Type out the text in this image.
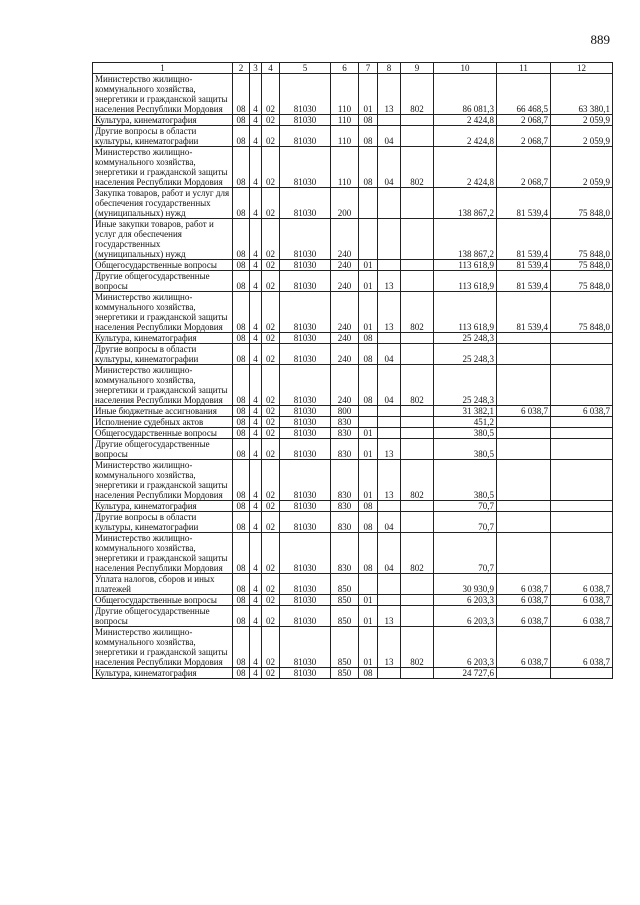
889
1	2	3	4	5	6	7	8	9	10	11	12
Министерство жилищно-коммунального хозяйства, энергетики и гражданской защиты населения Республики Мордовия	08	4	02	81030	110	01	13	802	86 081,3	66 468,5	63 380,1
Культура, кинематография	08	4	02	81030	110	08			2 424,8	2 068,7	2 059,9
Другие вопросы в области культуры, кинематографии	08	4	02	81030	110	08	04		2 424,8	2 068,7	2 059,9
Министерство жилищно-коммунального хозяйства, энергетики и гражданской защиты населения Республики Мордовия	08	4	02	81030	110	08	04	802	2 424,8	2 068,7	2 059,9
Закупка товаров, работ и услуг для обеспечения государственных (муниципальных) нужд	08	4	02	81030	200				138 867,2	81 539,4	75 848,0
Иные закупки товаров, работ и услуг для обеспечения государственных (муниципальных) нужд	08	4	02	81030	240				138 867,2	81 539,4	75 848,0
Общегосударственные вопросы	08	4	02	81030	240	01			113 618,9	81 539,4	75 848,0
Другие общегосударственные вопросы	08	4	02	81030	240	01	13		113 618,9	81 539,4	75 848,0
Министерство жилищно-коммунального хозяйства, энергетики и гражданской защиты населения Республики Мордовия	08	4	02	81030	240	01	13	802	113 618,9	81 539,4	75 848,0
Культура, кинематография	08	4	02	81030	240	08			25 248,3		
Другие вопросы в области культуры, кинематографии	08	4	02	81030	240	08	04		25 248,3		
Министерство жилищно-коммунального хозяйства, энергетики и гражданской защиты населения Республики Мордовия	08	4	02	81030	240	08	04	802	25 248,3		
Иные бюджетные ассигнования	08	4	02	81030	800				31 382,1	6 038,7	6 038,7
Исполнение судебных актов	08	4	02	81030	830				451,2		
Общегосударственные вопросы	08	4	02	81030	830	01			380,5		
Другие общегосударственные вопросы	08	4	02	81030	830	01	13		380,5		
Министерство жилищно-коммунального хозяйства, энергетики и гражданской защиты населения Республики Мордовия	08	4	02	81030	830	01	13	802	380,5		
Культура, кинематография	08	4	02	81030	830	08			70,7		
Другие вопросы в области культуры, кинематографии	08	4	02	81030	830	08	04		70,7		
Министерство жилищно-коммунального хозяйства, энергетики и гражданской защиты населения Республики Мордовия	08	4	02	81030	830	08	04	802	70,7		
Уплата налогов, сборов и иных платежей	08	4	02	81030	850				30 930,9	6 038,7	6 038,7
Общегосударственные вопросы	08	4	02	81030	850	01			6 203,3	6 038,7	6 038,7
Другие общегосударственные вопросы	08	4	02	81030	850	01	13		6 203,3	6 038,7	6 038,7
Министерство жилищно-коммунального хозяйства, энергетики и гражданской защиты населения Республики Мордовия	08	4	02	81030	850	01	13	802	6 203,3	6 038,7	6 038,7
Культура, кинематография	08	4	02	81030	850	08			24 727,6		
